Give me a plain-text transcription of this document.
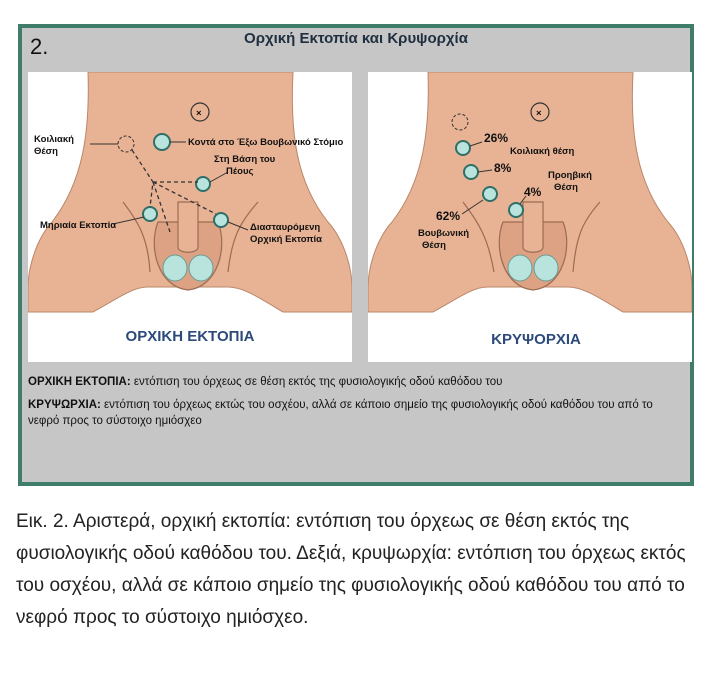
2.	Ορχική Εκτοπία και Κρυψορχία
×
Κοιλιακή
Θέση
Κοντά στο Έξω Βουβωνικό Στόμιο
Στη Βάση του
Πέους
Μηριαία Εκτοπία	Διασταυρόμενη
Ορχική Εκτοπία
ΟΡΧΙΚΗ ΕΚΤΟΠΙΑ
×
26%
8%
62%
4%
Κοιλιακή θέση
Προηβική
Θέση
Βουβωνική
Θέση
ΚΡΥΨΟΡΧΙΑ

ΟΡΧΙΚΗ ΕΚΤΟΠΙΑ: εντόπιση του όρχεως σε θέση εκτός της φυσιολογικής οδού καθόδου του

ΚΡΥΨΩΡΧΙΑ: εντόπιση του όρχεως εκτώς του οσχέου, αλλά σε κάποιο σημείο της φυσιολογικής οδού καθόδου του από το νεφρό προς το σύστοιχο ημιόσχεο

Εικ. 2. Αριστερά, ορχική εκτοπία: εντόπιση του όρχεως σε θέση εκτός της φυσιολογικής οδού καθόδου του. Δεξιά, κρυψωρχία: εντόπιση του όρχεως εκτός του οσχέου, αλλά σε κάποιο σημείο της φυσιολογικής οδού καθόδου του από το νεφρό προς το σύστοιχο ημιόσχεο.
